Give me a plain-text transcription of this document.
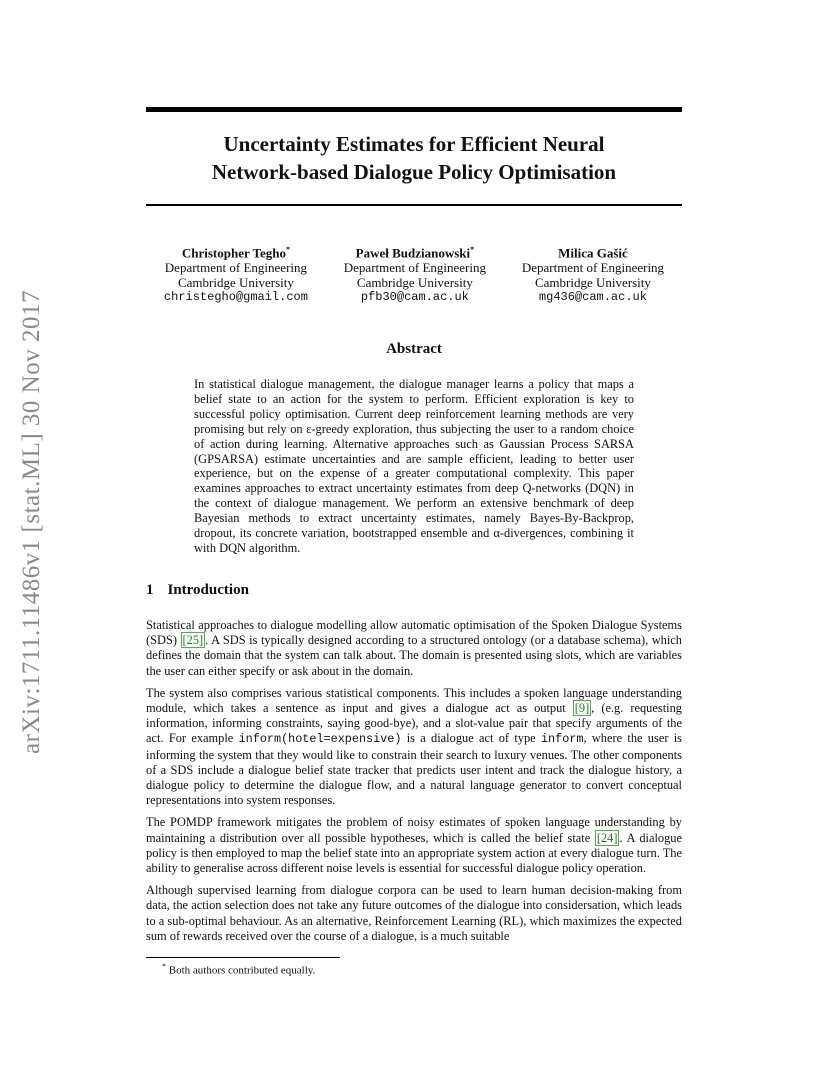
arXiv:1711.11486v1 [stat.ML] 30 Nov 2017
Uncertainty Estimates for Efficient Neural
Network-based Dialogue Policy Optimisation
Christopher Tegho*
Department of Engineering
Cambridge University
christegho@gmail.com
Paweł Budzianowski*
Department of Engineering
Cambridge University
pfb30@cam.ac.uk
Milica Gašić
Department of Engineering
Cambridge University
mg436@cam.ac.uk
Abstract
In statistical dialogue management, the dialogue manager learns a policy that maps a belief state to an action for the system to perform. Efficient exploration is key to successful policy optimisation. Current deep reinforcement learning methods are very promising but rely on ε-greedy exploration, thus subjecting the user to a random choice of action during learning. Alternative approaches such as Gaussian Process SARSA (GPSARSA) estimate uncertainties and are sample efficient, leading to better user experience, but on the expense of a greater computational complexity. This paper examines approaches to extract uncertainty estimates from deep Q-networks (DQN) in the context of dialogue management. We perform an extensive benchmark of deep Bayesian methods to extract uncertainty estimates, namely Bayes-By-Backprop, dropout, its concrete variation, bootstrapped ensemble and α-divergences, combining it with DQN algorithm.
1 Introduction

Statistical approaches to dialogue modelling allow automatic optimisation of the Spoken Dialogue Systems (SDS) [25] . A SDS is typically designed according to a structured ontology (or a database schema), which defines the domain that the system can talk about. The domain is presented using slots, which are variables the user can either specify or ask about in the domain.

The system also comprises various statistical components. This includes a spoken language understanding module, which takes a sentence as input and gives a dialogue act as output [9] , (e.g. requesting information, informing constraints, saying good-bye), and a slot-value pair that specify arguments of the act. For example inform(hotel=expensive) is a dialogue act of type inform, where the user is informing the system that they would like to constrain their search to luxury venues. The other components of a SDS include a dialogue belief state tracker that predicts user intent and track the dialogue history, a dialogue policy to determine the dialogue flow, and a natural language generator to convert conceptual representations into system responses.

The POMDP framework mitigates the problem of noisy estimates of spoken language understanding by maintaining a distribution over all possible hypotheses, which is called the belief state [24] . A dialogue policy is then employed to map the belief state into an appropriate system action at every dialogue turn. The ability to generalise across different noise levels is essential for successful dialogue policy operation.

Although supervised learning from dialogue corpora can be used to learn human decision-making from data, the action selection does not take any future outcomes of the dialogue into considersation, which leads to a sub-optimal behaviour. As an alternative, Reinforcement Learning (RL), which maximizes the expected sum of rewards received over the course of a dialogue, is a much suitable

* Both authors contributed equally.
